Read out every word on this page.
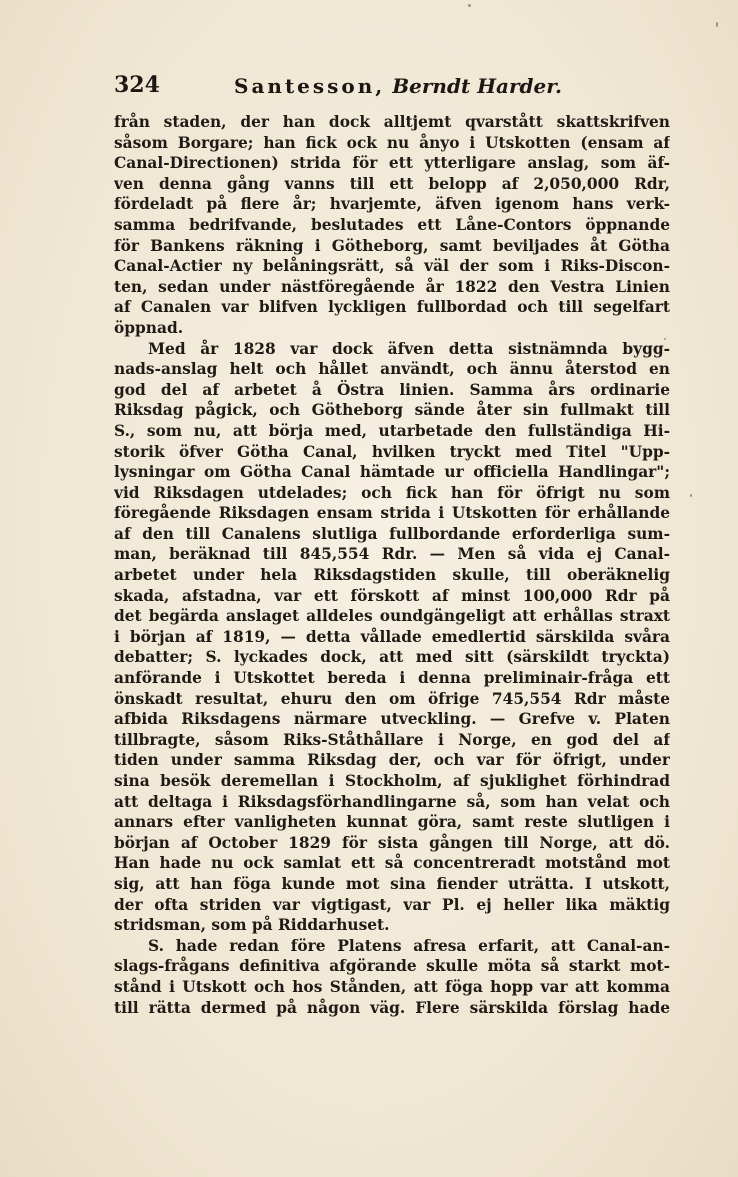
324	Santesson, Berndt Harder.
från staden, der han dock alltjemt qvarstått skattskrifven
såsom Borgare; han fick ock nu ånyo i Utskotten (ensam af
Canal-Directionen) strida för ett ytterligare anslag, som äf-
ven denna gång vanns till ett belopp af 2,050,000 Rdr,
fördeladt på flere år; hvarjemte, äfven igenom hans verk-
samma bedrifvande, beslutades ett Låne-Contors öppnande
för Bankens räkning i Götheborg, samt beviljades åt Götha
Canal-Actier ny belåningsrätt, så väl der som i Riks-Discon-
ten, sedan under nästföregående år 1822 den Vestra Linien
af Canalen var blifven lyckligen fullbordad och till segelfart
öppnad.
Med år 1828 var dock äfven detta sistnämnda bygg-
nads-anslag helt och hållet användt, och ännu återstod en
god del af arbetet å Östra linien. Samma års ordinarie
Riksdag pågick, och Götheborg sände åter sin fullmakt till
S., som nu, att börja med, utarbetade den fullständiga Hi-
storik öfver Götha Canal, hvilken tryckt med Titel "Upp-
lysningar om Götha Canal hämtade ur officiella Handlingar";
vid Riksdagen utdelades; och fick han för öfrigt nu som
föregående Riksdagen ensam strida i Utskotten för erhållande
af den till Canalens slutliga fullbordande erforderliga sum-
man, beräknad till 845,554 Rdr. — Men så vida ej Canal-
arbetet under hela Riksdagstiden skulle, till oberäknelig
skada, afstadna, var ett förskott af minst 100,000 Rdr på
det begärda anslaget alldeles oundgängeligt att erhållas straxt
i början af 1819, — detta vållade emedlertid särskilda svåra
debatter; S. lyckades dock, att med sitt (särskildt tryckta)
anförande i Utskottet bereda i denna preliminair-fråga ett
önskadt resultat, ehuru den om öfrige 745,554 Rdr måste
afbida Riksdagens närmare utveckling. — Grefve v. Platen
tillbragte, såsom Riks-Ståthållare i Norge, en god del af
tiden under samma Riksdag der, och var för öfrigt, under
sina besök deremellan i Stockholm, af sjuklighet förhindrad
att deltaga i Riksdagsförhandlingarne så, som han velat och
annars efter vanligheten kunnat göra, samt reste slutligen i
början af October 1829 för sista gången till Norge, att dö.
Han hade nu ock samlat ett så concentreradt motstånd mot
sig, att han föga kunde mot sina fiender uträtta. I utskott,
der ofta striden var vigtigast, var Pl. ej heller lika mäktig
stridsman, som på Riddarhuset.
S. hade redan före Platens afresa erfarit, att Canal-an-
slags-frågans definitiva afgörande skulle möta så starkt mot-
stånd i Utskott och hos Stånden, att föga hopp var att komma
till rätta dermed på någon väg. Flere särskilda förslag hade
